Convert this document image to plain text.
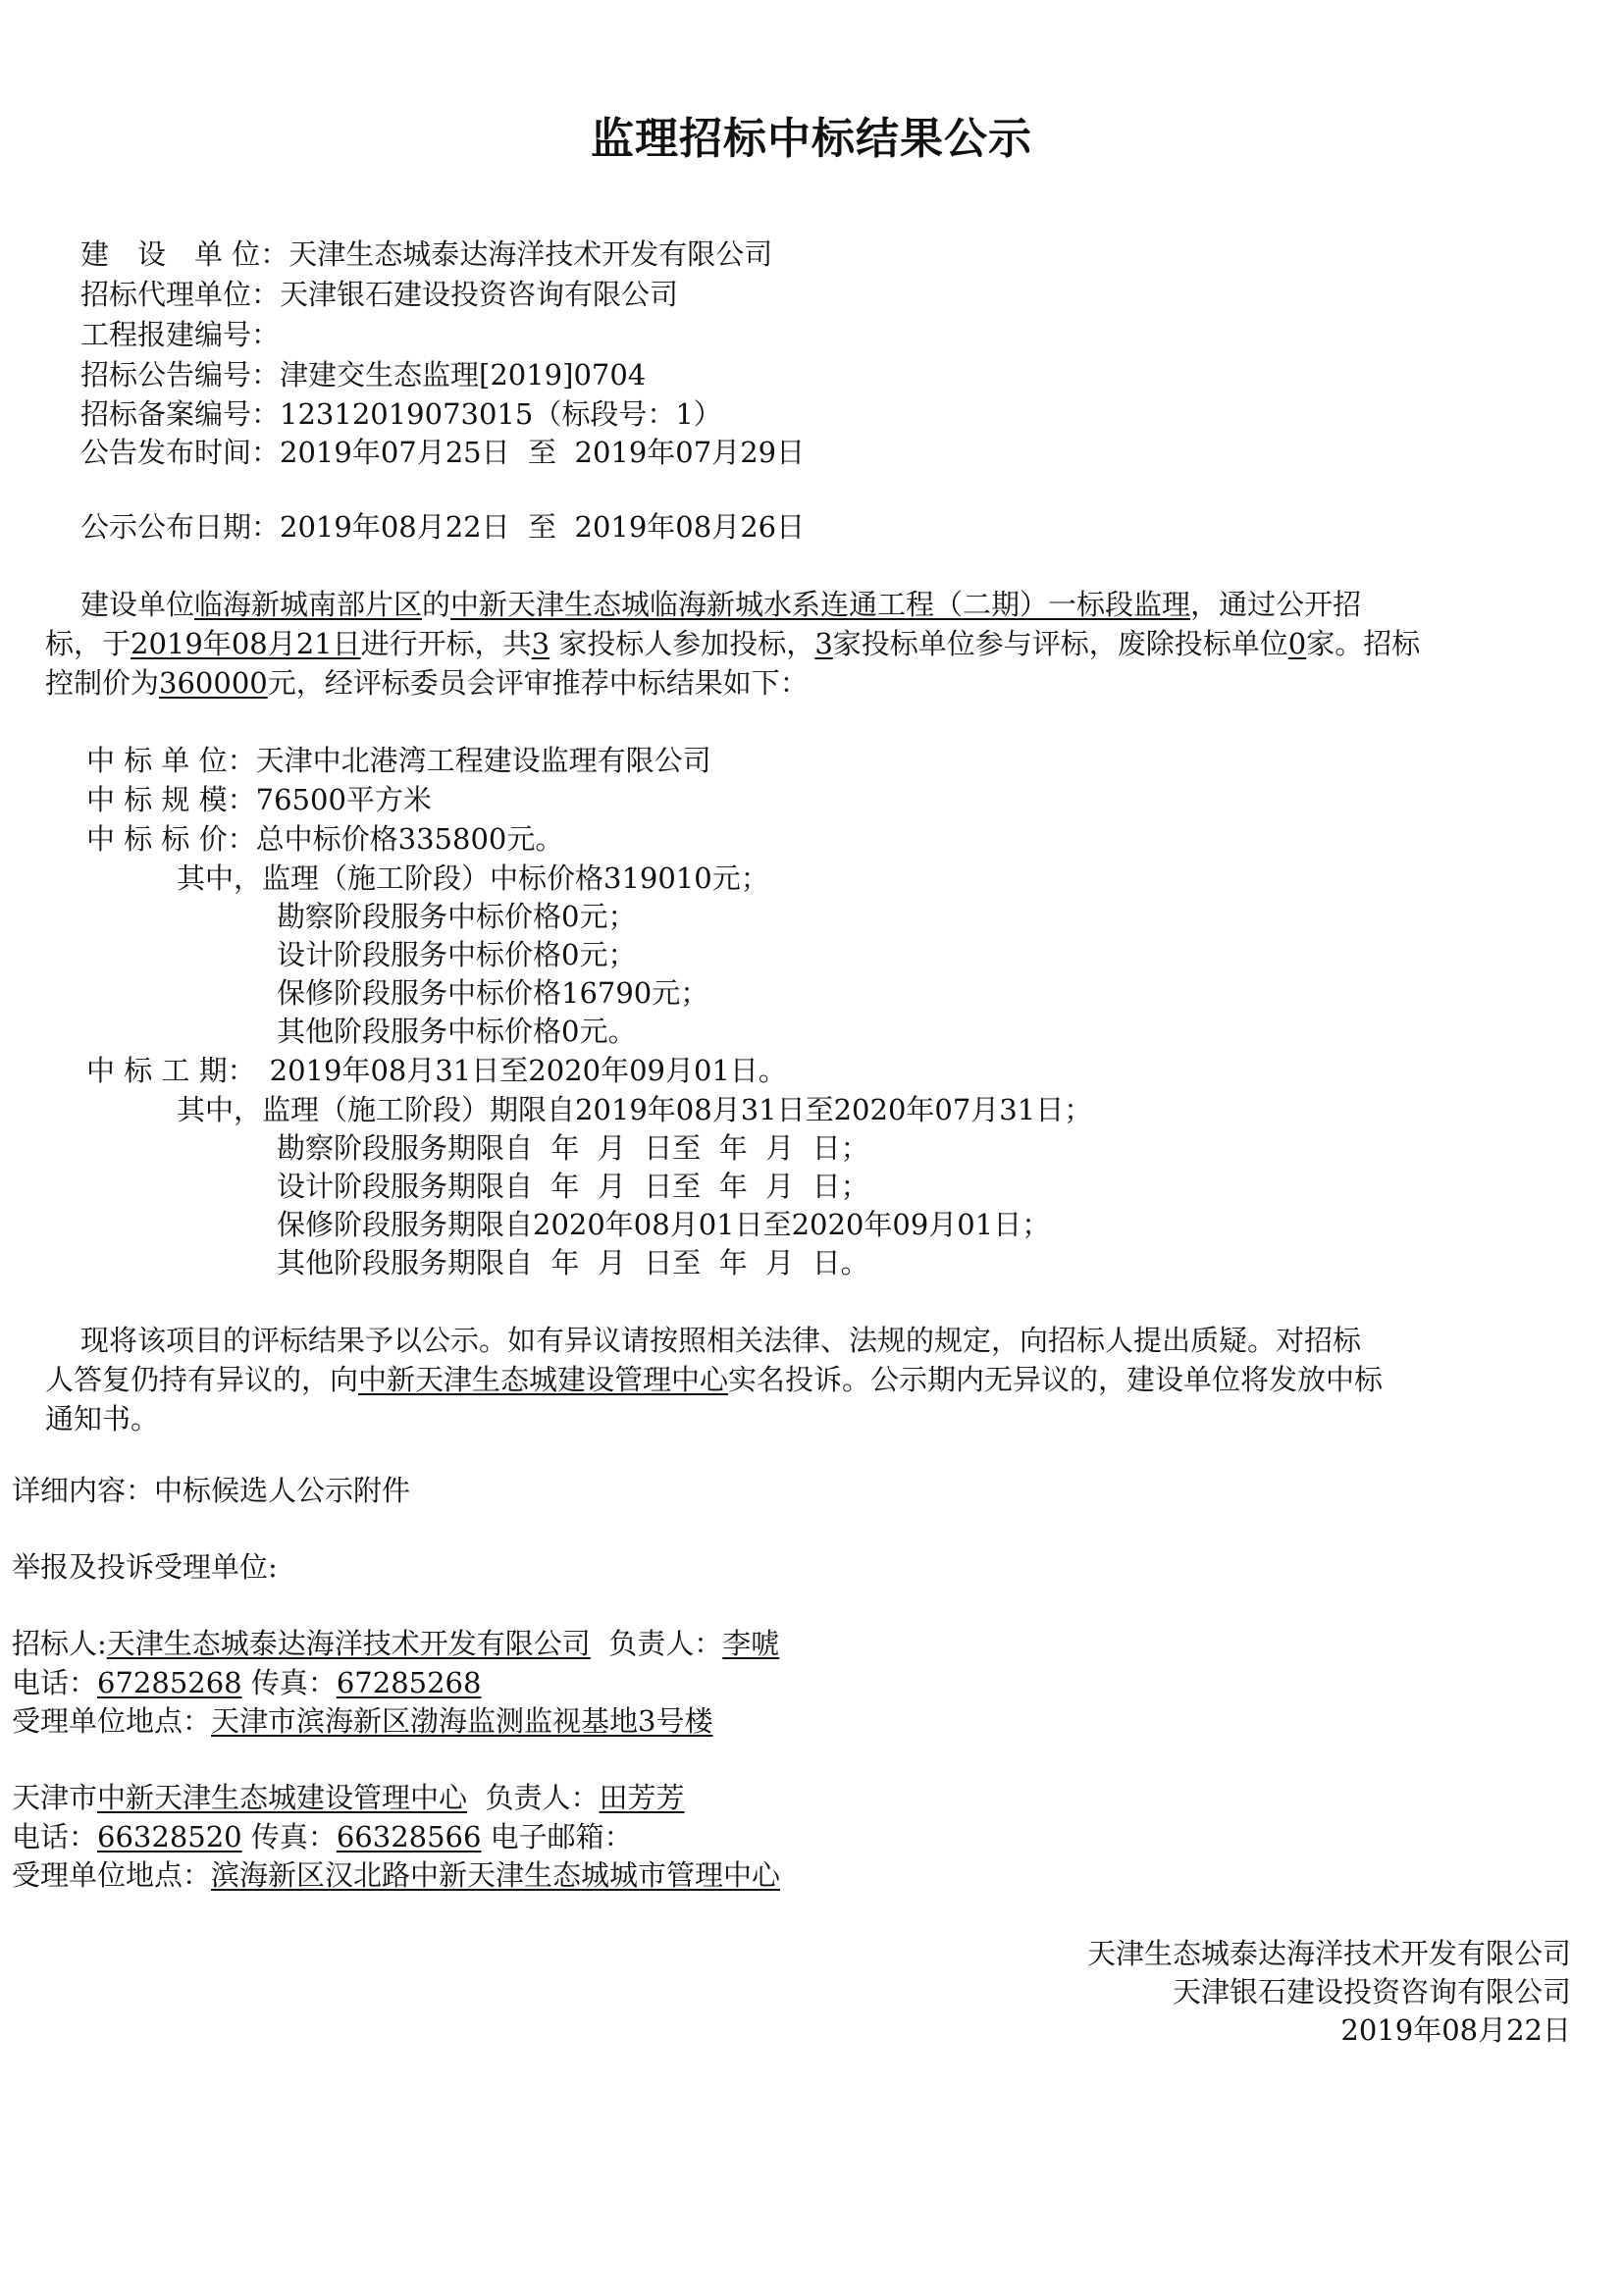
监理招标中标结果公示
建　设　单 位：天津生态城泰达海洋技术开发有限公司
招标代理单位：天津银石建设投资咨询有限公司
工程报建编号：
招标公告编号：津建交生态监理[2019]0704
招标备案编号：12312019073015（标段号：1）
公告发布时间：2019年07月25日  至  2019年07月29日
公示公布日期：2019年08月22日  至  2019年08月26日
建设单位临海新城南部片区的中新天津生态城临海新城水系连通工程（二期）一标段监理，通过公开招
标，于2019年08月21日进行开标，共3 家投标人参加投标，3家投标单位参与评标，废除投标单位0家。招标
控制价为360000元，经评标委员会评审推荐中标结果如下：
中 标 单 位：天津中北港湾工程建设监理有限公司
中 标 规 模：76500平方米
中 标 标 价：总中标价格335800元。
其中，监理（施工阶段）中标价格319010元；
勘察阶段服务中标价格0元；
设计阶段服务中标价格0元；
保修阶段服务中标价格16790元；
其他阶段服务中标价格0元。
中 标 工 期： 2019年08月31日至2020年09月01日。
其中，监理（施工阶段）期限自2019年08月31日至2020年07月31日；
勘察阶段服务期限自  年  月  日至  年  月  日；
设计阶段服务期限自  年  月  日至  年  月  日；
保修阶段服务期限自2020年08月01日至2020年09月01日；
其他阶段服务期限自  年  月  日至  年  月  日。
现将该项目的评标结果予以公示。如有异议请按照相关法律、法规的规定，向招标人提出质疑。对招标
人答复仍持有异议的，向中新天津生态城建设管理中心实名投诉。公示期内无异议的，建设单位将发放中标
通知书。
详细内容：中标候选人公示附件
举报及投诉受理单位:
招标人:天津生态城泰达海洋技术开发有限公司  负责人：李唬
电话：67285268 传真：67285268
受理单位地点：天津市滨海新区渤海监测监视基地3号楼
天津市中新天津生态城建设管理中心  负责人：田芳芳
电话：66328520 传真：66328566 电子邮箱：
受理单位地点：滨海新区汉北路中新天津生态城城市管理中心
天津生态城泰达海洋技术开发有限公司
天津银石建设投资咨询有限公司
2019年08月22日
